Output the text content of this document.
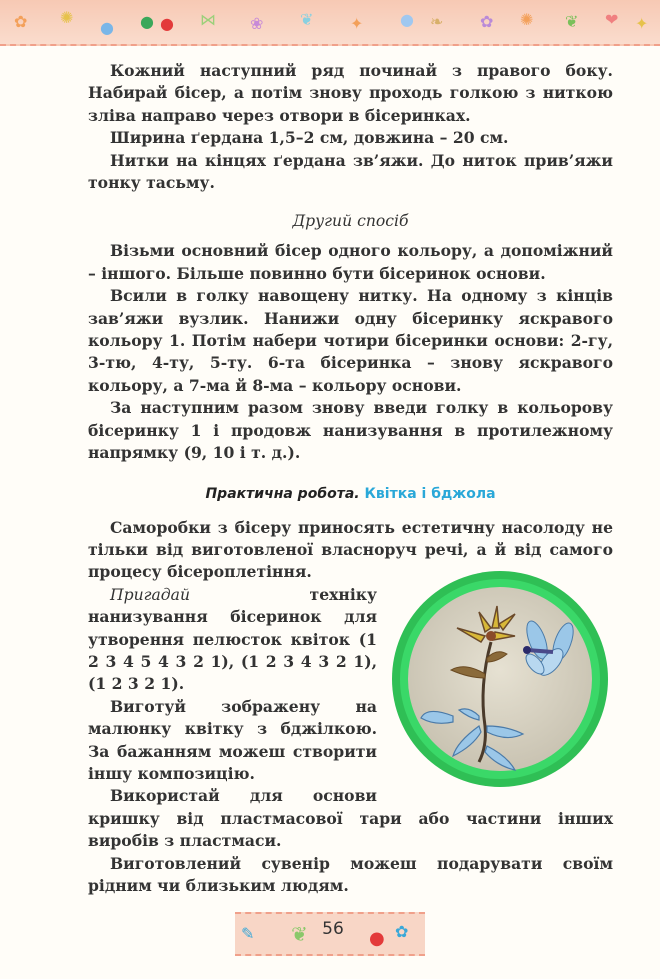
✿ ✺
● ● ● ⋈ ❀ ❦ ✦ ● ❧ ✿ ✺ ❦ ❤ ✦

Кожний наступний ряд починай з правого боку. Набирай бісер, а потім знову проходь голкою з ниткою зліва направо через отвори в бісеринках.

Ширина ґердана 1,5–2 см, довжина – 20 см.

Нитки на кінцях ґердана зв’яжи. До ниток прив’яжи тонку тасьму.

Другий спосіб

Візьми основний бісер одного кольору, а допоміжний – іншого. Більше повинно бути бісеринок основи.

Всили в голку навощену нитку. На одному з кінців зав’яжи вузлик. Нанижи одну бісеринку яскравого кольору 1. Потім набери чотири бісеринки основи: 2-гу, 3-тю, 4-ту, 5-ту. 6-та бісеринка – знову яскравого кольору, а 7-ма й 8-ма – кольору основи.

За наступним разом знову введи голку в кольорову бісеринку 1 і продовж нанизування в протилежному напрямку (9, 10 і т. д.).

Практична робота. Квітка і бджола

Саморобки з бісеру приносять естетичну насолоду не тільки від виготовленої власноруч речі, а й від самого процесу бісероплетіння.

Пригадай техніку нанизування бісеринок для утворення пелюсток квіток (1 2 3 4 5 4 3 2 1), (1 2 3 4 3 2 1), (1 2 3 2 1).

Виготуй зображену на малюнку квітку з бджілкою. За бажанням можеш створити іншу композицію.

Використай для основи кришку від пластмасової тари або частини інших виробів з пластмаси.

Виготовлений сувенір можеш подарувати своїм рідним чи близьким людям.

✎ ❦	● ✿
56
